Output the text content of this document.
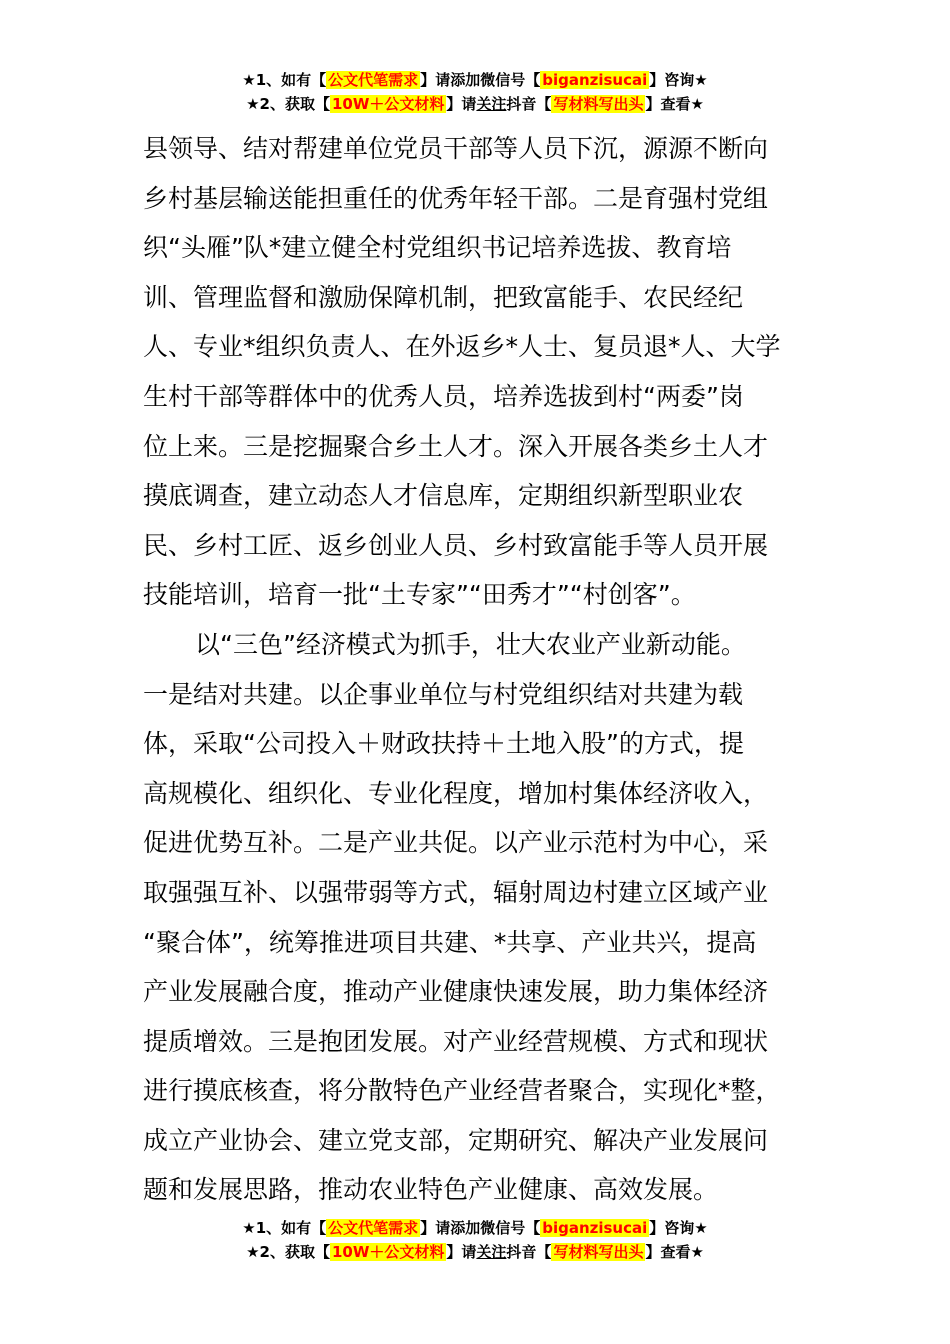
★1、如有【 公文代笔需求 】请添加微信号【 biganzisucai 】咨询★
★2、获取【 10W＋公文材料 】请关注抖音【 写材料写出头 】查看★
县领导、结对帮建单位党员干部等人员下沉，源源不断向
乡村基层输送能担重任的优秀年轻干部。二是育强村党组
织“头雁”队*建立健全村党组织书记培养选拔、教育培
训、管理监督和激励保障机制，把致富能手、农民经纪
人、专业*组织负责人、在外返乡*人士、复员退*人、大学
生村干部等群体中的优秀人员，培养选拔到村“两委”岗
位上来。三是挖掘聚合乡土人才。深入开展各类乡土人才
摸底调查，建立动态人才信息库，定期组织新型职业农
民、乡村工匠、返乡创业人员、乡村致富能手等人员开展
技能培训，培育一批“土专家”“田秀才”“村创客”。
以“三色”经济模式为抓手，壮大农业产业新动能。
一是结对共建。以企事业单位与村党组织结对共建为载
体，采取“公司投入＋财政扶持＋土地入股”的方式，提
高规模化、组织化、专业化程度，增加村集体经济收入，
促进优势互补。二是产业共促。以产业示范村为中心，采
取强强互补、以强带弱等方式，辐射周边村建立区域产业
“聚合体”，统筹推进项目共建、*共享、产业共兴，提高
产业发展融合度，推动产业健康快速发展，助力集体经济
提质增效。三是抱团发展。对产业经营规模、方式和现状
进行摸底核查，将分散特色产业经营者聚合，实现化*整，
成立产业协会、建立党支部，定期研究、解决产业发展问
题和发展思路，推动农业特色产业健康、高效发展。
★1、如有【 公文代笔需求 】请添加微信号【 biganzisucai 】咨询★
★2、获取【 10W＋公文材料 】请关注抖音【 写材料写出头 】查看★
